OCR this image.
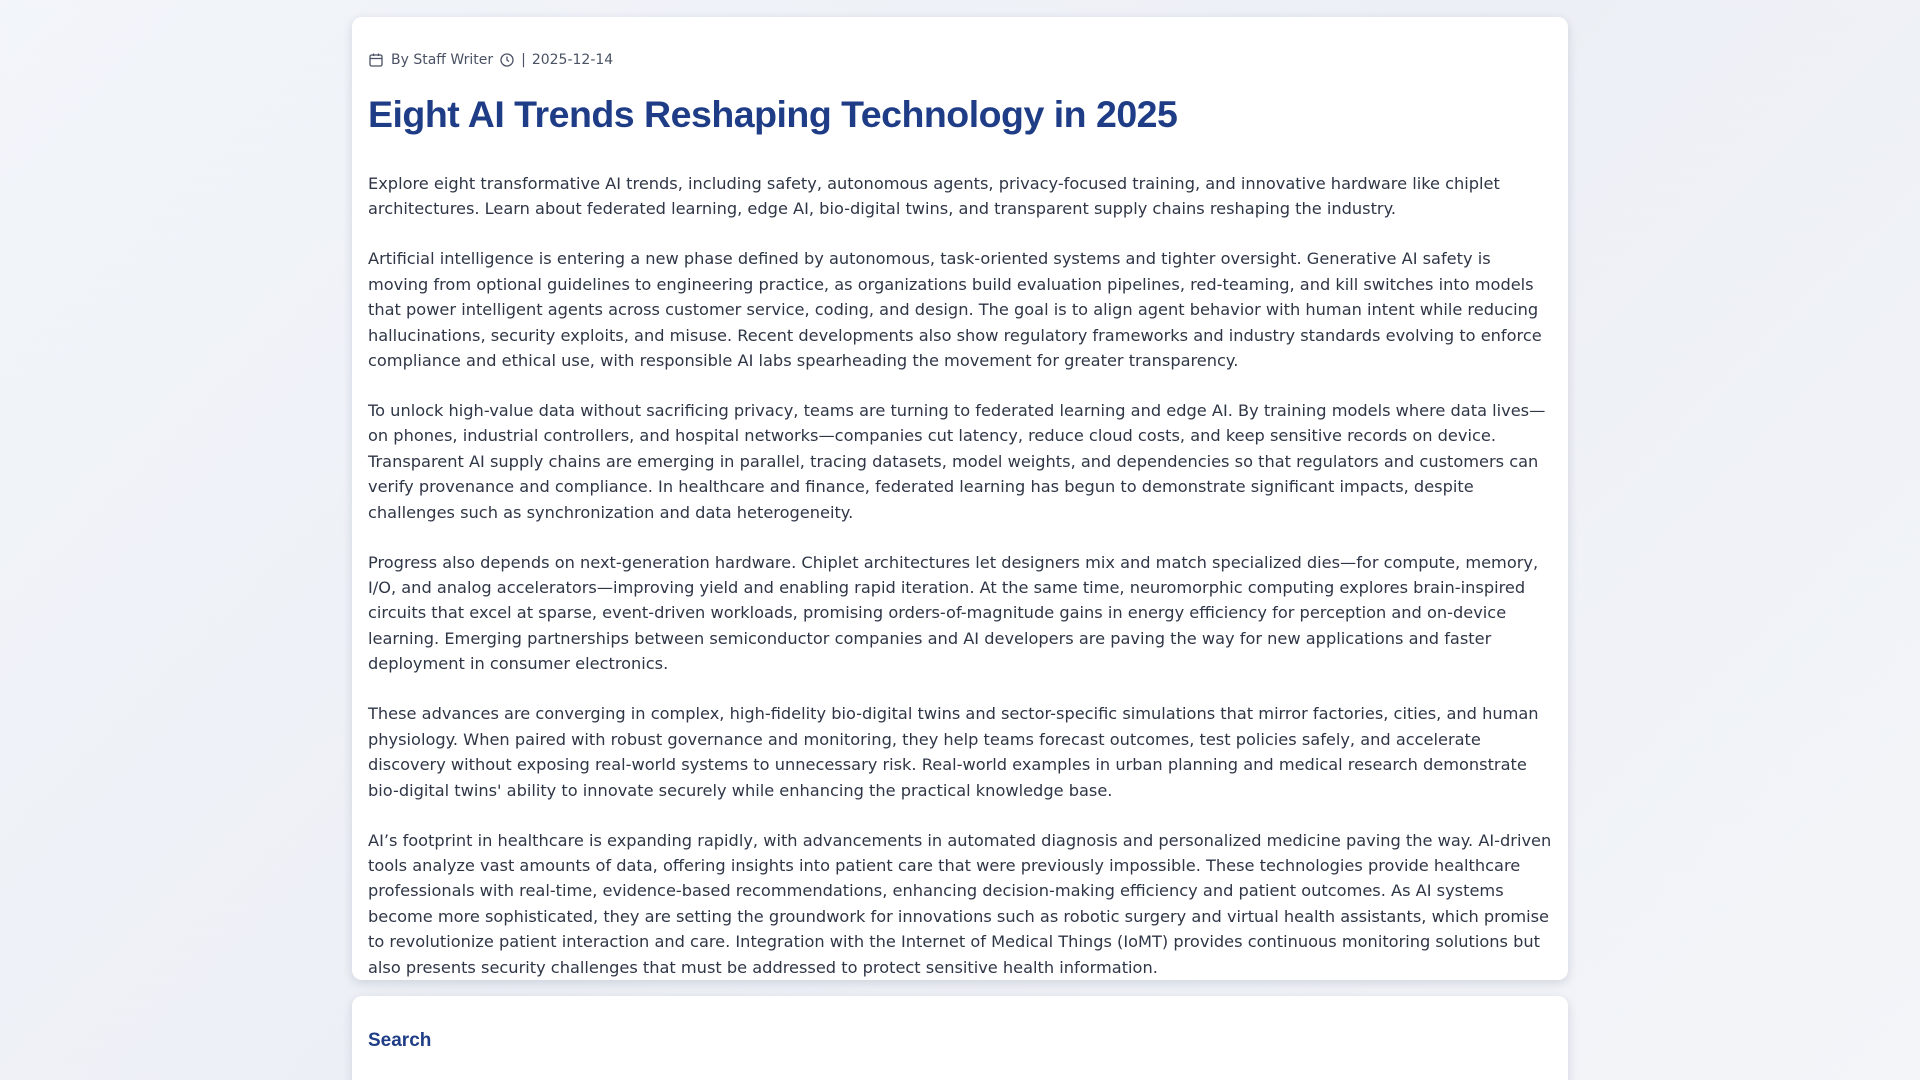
By Staff Writer | 2025-12-14
Eight AI Trends Reshaping Technology in 2025

Explore eight transformative AI trends, including safety, autonomous agents, privacy-focused training, and innovative hardware like chiplet architectures. Learn about federated learning, edge AI, bio-digital twins, and transparent supply chains reshaping the industry.

Artificial intelligence is entering a new phase defined by autonomous, task-oriented systems and tighter oversight. Generative AI safety is moving from optional guidelines to engineering practice, as organizations build evaluation pipelines, red-teaming, and kill switches into models that power intelligent agents across customer service, coding, and design. The goal is to align agent behavior with human intent while reducing hallucinations, security exploits, and misuse. Recent developments also show regulatory frameworks and industry standards evolving to enforce compliance and ethical use, with responsible AI labs spearheading the movement for greater transparency.

To unlock high-value data without sacrificing privacy, teams are turning to federated learning and edge AI. By training models where data lives—on phones, industrial controllers, and hospital networks—companies cut latency, reduce cloud costs, and keep sensitive records on device. Transparent AI supply chains are emerging in parallel, tracing datasets, model weights, and dependencies so that regulators and customers can verify provenance and compliance. In healthcare and finance, federated learning has begun to demonstrate significant impacts, despite challenges such as synchronization and data heterogeneity.

Progress also depends on next-generation hardware. Chiplet architectures let designers mix and match specialized dies—for compute, memory, I/O, and analog accelerators—improving yield and enabling rapid iteration. At the same time, neuromorphic computing explores brain-inspired circuits that excel at sparse, event-driven workloads, promising orders-of-magnitude gains in energy efficiency for perception and on-device learning. Emerging partnerships between semiconductor companies and AI developers are paving the way for new applications and faster deployment in consumer electronics.

These advances are converging in complex, high-fidelity bio-digital twins and sector-specific simulations that mirror factories, cities, and human physiology. When paired with robust governance and monitoring, they help teams forecast outcomes, test policies safely, and accelerate discovery without exposing real-world systems to unnecessary risk. Real-world examples in urban planning and medical research demonstrate bio-digital twins' ability to innovate securely while enhancing the practical knowledge base.

AI’s footprint in healthcare is expanding rapidly, with advancements in automated diagnosis and personalized medicine paving the way. AI-driven tools analyze vast amounts of data, offering insights into patient care that were previously impossible. These technologies provide healthcare professionals with real-time, evidence-based recommendations, enhancing decision-making efficiency and patient outcomes. As AI systems become more sophisticated, they are setting the groundwork for innovations such as robotic surgery and virtual health assistants, which promise to revolutionize patient interaction and care. Integration with the Internet of Medical Things (IoMT) provides continuous monitoring solutions but also presents security challenges that must be addressed to protect sensitive health information.

Search
